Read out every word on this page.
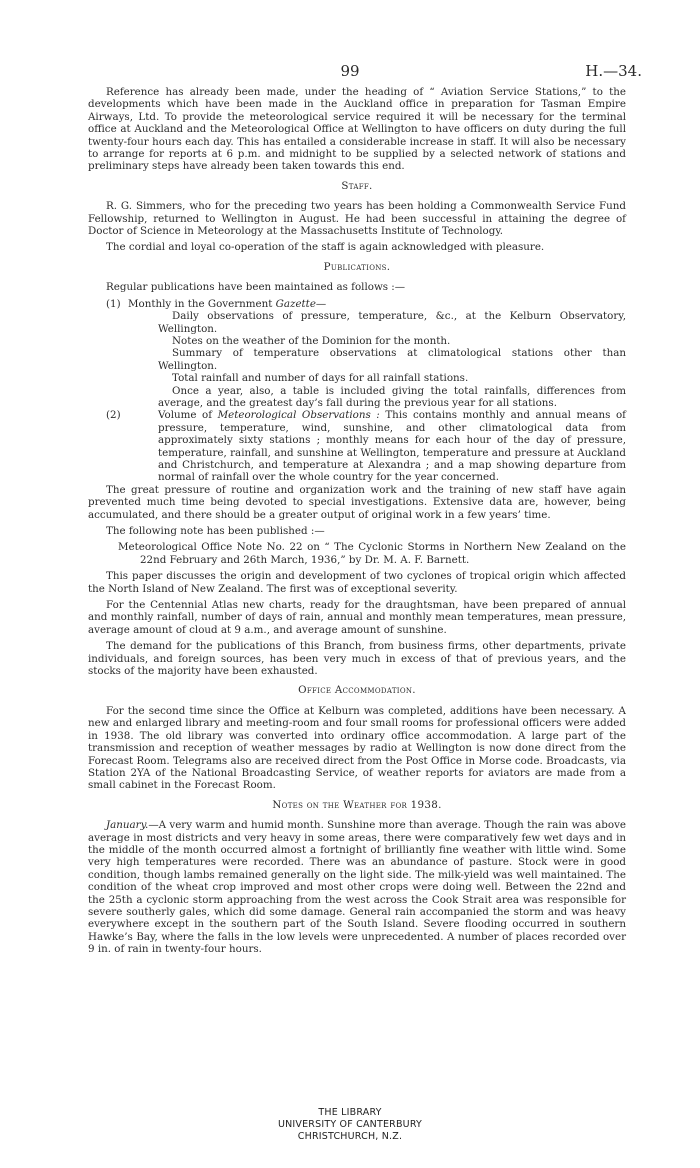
99	H.—34.

Reference has already been made, under the heading of “ Aviation Service Stations,” to the developments which have been made in the Auckland office in preparation for Tasman Empire Airways, Ltd. To provide the meteorological service required it will be necessary for the terminal office at Auckland and the Meteorological Office at Wellington to have officers on duty during the full twenty-four hours each day. This has entailed a considerable increase in staff. It will also be necessary to arrange for reports at 6 p.m. and midnight to be supplied by a selected network of stations and preliminary steps have already been taken towards this end.

Staff.

R. G. Simmers, who for the preceding two years has been holding a Commonwealth Service Fund Fellowship, returned to Wellington in August. He had been successful in attaining the degree of Doctor of Science in Meteorology at the Massachusetts Institute of Technology.

The cordial and loyal co-operation of the staff is again acknowledged with pleasure.

Publications.

Regular publications have been maintained as follows :—

(1) Monthly in the Government Gazette—
Daily observations of pressure, temperature, &c., at the Kelburn Observatory, Wellington.
Notes on the weather of the Dominion for the month.
Summary of temperature observations at climatological stations other than Wellington.
Total rainfall and number of days for all rainfall stations.
Once a year, also, a table is included giving the total rainfalls, differences from average, and the greatest day’s fall during the previous year for all stations.
(2)	Volume of Meteorological Observations : This contains monthly and annual means of pressure, temperature, wind, sunshine, and other climatological data from approximately sixty stations ; monthly means for each hour of the day of pressure, temperature, rainfall, and sunshine at Wellington, temperature and pressure at Auckland and Christchurch, and temperature at Alexandra ; and a map showing departure from normal of rainfall over the whole country for the year concerned.

The great pressure of routine and organization work and the training of new staff have again prevented much time being devoted to special investigations. Extensive data are, however, being accumulated, and there should be a greater output of original work in a few years’ time.

The following note has been published :—

Meteorological Office Note No. 22 on “ The Cyclonic Storms in Northern New Zealand on the 22nd February and 26th March, 1936,” by Dr. M. A. F. Barnett.

This paper discusses the origin and development of two cyclones of tropical origin which affected the North Island of New Zealand. The first was of exceptional severity.

For the Centennial Atlas new charts, ready for the draughtsman, have been prepared of annual and monthly rainfall, number of days of rain, annual and monthly mean temperatures, mean pressure, average amount of cloud at 9 a.m., and average amount of sunshine.

The demand for the publications of this Branch, from business firms, other departments, private individuals, and foreign sources, has been very much in excess of that of previous years, and the stocks of the majority have been exhausted.

Office Accommodation.

For the second time since the Office at Kelburn was completed, additions have been necessary. A new and enlarged library and meeting-room and four small rooms for professional officers were added in 1938. The old library was converted into ordinary office accommodation. A large part of the transmission and reception of weather messages by radio at Wellington is now done direct from the Forecast Room. Telegrams also are received direct from the Post Office in Morse code. Broadcasts, via Station 2YA of the National Broadcasting Service, of weather reports for aviators are made from a small cabinet in the Forecast Room.

Notes on the Weather for 1938.

January.—A very warm and humid month. Sunshine more than average. Though the rain was above average in most districts and very heavy in some areas, there were comparatively few wet days and in the middle of the month occurred almost a fortnight of brilliantly fine weather with little wind. Some very high temperatures were recorded. There was an abundance of pasture. Stock were in good condition, though lambs remained generally on the light side. The milk-yield was well maintained. The condition of the wheat crop improved and most other crops were doing well. Between the 22nd and the 25th a cyclonic storm approaching from the west across the Cook Strait area was responsible for severe southerly gales, which did some damage. General rain accompanied the storm and was heavy everywhere except in the southern part of the South Island. Severe flooding occurred in southern Hawke’s Bay, where the falls in the low levels were unprecedented. A number of places recorded over 9 in. of rain in twenty-four hours.

THE LIBRARY
UNIVERSITY OF CANTERBURY
CHRISTCHURCH, N.Z.
